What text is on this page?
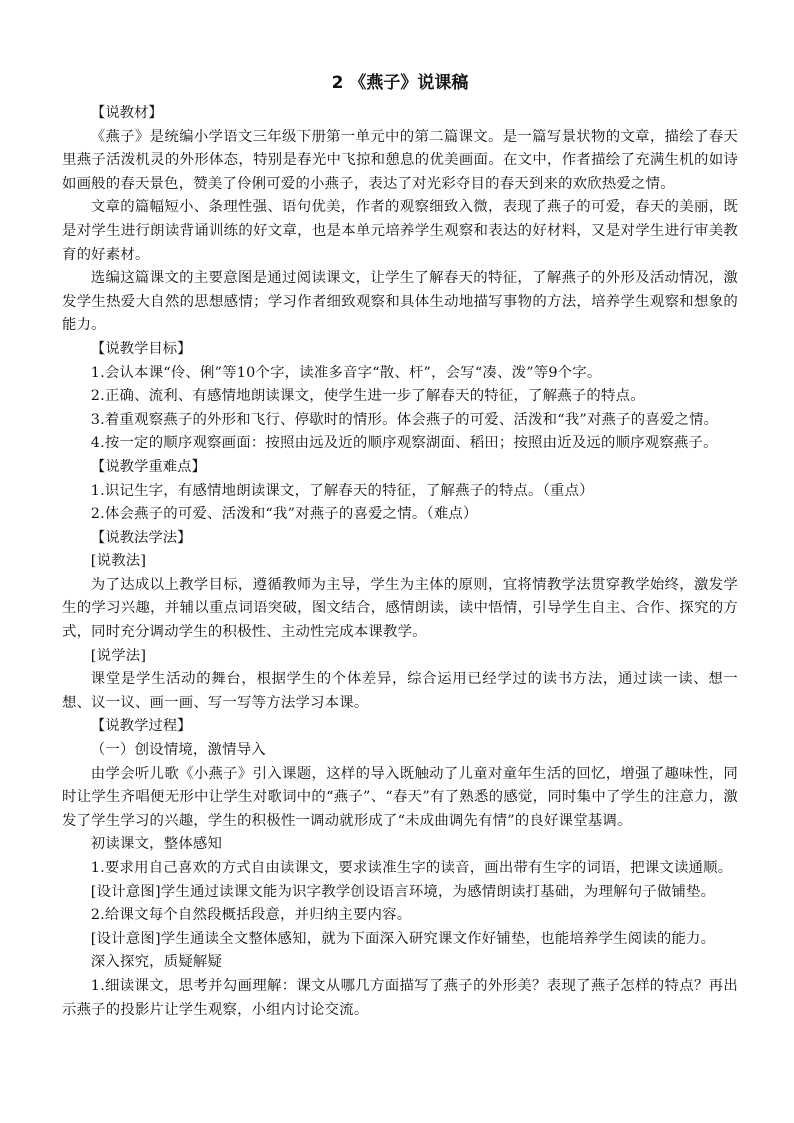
2 《燕子》说课稿

【说教材】

《燕子》是统编小学语文三年级下册第一单元中的第二篇课文。是一篇写景状物的文章，描绘了春天里燕子活泼机灵的外形体态，特别是春光中飞掠和憩息的优美画面。在文中，作者描绘了充满生机的如诗如画般的春天景色，赞美了伶俐可爱的小燕子，表达了对光彩夺目的春天到来的欢欣热爱之情。

文章的篇幅短小、条理性强、语句优美，作者的观察细致入微，表现了燕子的可爱，春天的美丽，既是对学生进行朗读背诵训练的好文章，也是本单元培养学生观察和表达的好材料，又是对学生进行审美教育的好素材。

选编这篇课文的主要意图是通过阅读课文，让学生了解春天的特征，了解燕子的外形及活动情况，激发学生热爱大自然的思想感情；学习作者细致观察和具体生动地描写事物的方法，培养学生观察和想象的能力。

【说教学目标】

1.会认本课“伶、俐”等10个字，读准多音字“散、杆”，会写“凑、泼”等9个字。

2.正确、流利、有感情地朗读课文，使学生进一步了解春天的特征，了解燕子的特点。

3.着重观察燕子的外形和飞行、停歇时的情形。体会燕子的可爱、活泼和“我”对燕子的喜爱之情。

4.按一定的顺序观察画面：按照由远及近的顺序观察湖面、稻田；按照由近及远的顺序观察燕子。

【说教学重难点】

1.识记生字，有感情地朗读课文，了解春天的特征，了解燕子的特点。（重点）

2.体会燕子的可爱、活泼和“我”对燕子的喜爱之情。（难点）

【说教法学法】

[说教法]

为了达成以上教学目标，遵循教师为主导，学生为主体的原则，宜将情教学法贯穿教学始终，激发学生的学习兴趣，并辅以重点词语突破，图文结合，感情朗读，读中悟情，引导学生自主、合作、探究的方式，同时充分调动学生的积极性、主动性完成本课教学。

[说学法]

课堂是学生活动的舞台，根据学生的个体差异，综合运用已经学过的读书方法，通过读一读、想一想、议一议、画一画、写一写等方法学习本课。

【说教学过程】

（一）创设情境，激情导入

由学会听儿歌《小燕子》引入课题，这样的导入既触动了儿童对童年生活的回忆，增强了趣味性，同时让学生齐唱便无形中让学生对歌词中的“燕子”、“春天”有了熟悉的感觉，同时集中了学生的注意力，激发了学生学习的兴趣，学生的积极性一调动就形成了“未成曲调先有情”的良好课堂基调。

初读课文，整体感知

1.要求用自己喜欢的方式自由读课文，要求读准生字的读音，画出带有生字的词语，把课文读通顺。

[设计意图]学生通过读课文能为识字教学创设语言环境，为感情朗读打基础，为理解句子做铺垫。

2.给课文每个自然段概括段意，并归纳主要内容。

[设计意图]学生通读全文整体感知，就为下面深入研究课文作好铺垫，也能培养学生阅读的能力。

深入探究，质疑解疑

1.细读课文，思考并勾画理解：课文从哪几方面描写了燕子的外形美？表现了燕子怎样的特点？再出示燕子的投影片让学生观察，小组内讨论交流。
